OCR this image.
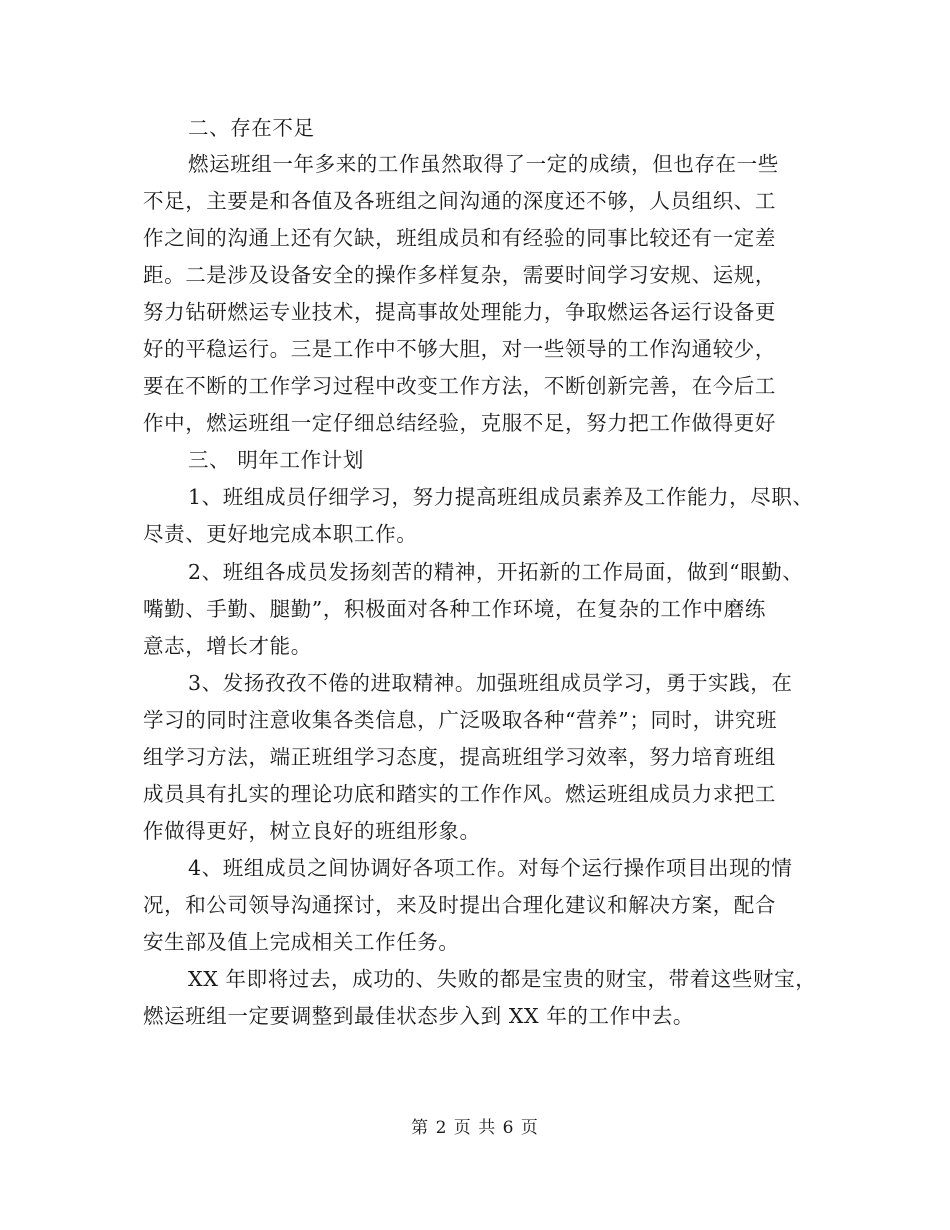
二、存在不足
燃运班组一年多来的工作虽然取得了一定的成绩，但也存在一些
不足，主要是和各值及各班组之间沟通的深度还不够，人员组织、工
作之间的沟通上还有欠缺，班组成员和有经验的同事比较还有一定差
距。二是涉及设备安全的操作多样复杂，需要时间学习安规、运规，
努力钻研燃运专业技术，提高事故处理能力，争取燃运各运行设备更
好的平稳运行。三是工作中不够大胆，对一些领导的工作沟通较少，
要在不断的工作学习过程中改变工作方法，不断创新完善，在今后工
作中，燃运班组一定仔细总结经验，克服不足，努力把工作做得更好
三、 明年工作计划
1、班组成员仔细学习，努力提高班组成员素养及工作能力，尽职、
尽责、更好地完成本职工作。
2、班组各成员发扬刻苦的精神，开拓新的工作局面，做到“眼勤、
嘴勤、手勤、腿勤”，积极面对各种工作环境，在复杂的工作中磨练
意志，增长才能。
3、发扬孜孜不倦的进取精神。加强班组成员学习，勇于实践，在
学习的同时注意收集各类信息，广泛吸取各种“营养”；同时，讲究班
组学习方法，端正班组学习态度，提高班组学习效率，努力培育班组
成员具有扎实的理论功底和踏实的工作作风。燃运班组成员力求把工
作做得更好，树立良好的班组形象。
4、班组成员之间协调好各项工作。对每个运行操作项目出现的情
况，和公司领导沟通探讨，来及时提出合理化建议和解决方案，配合
安生部及值上完成相关工作任务。
XX 年即将过去，成功的、失败的都是宝贵的财宝，带着这些财宝，
燃运班组一定要调整到最佳状态步入到 XX 年的工作中去。
第 2 页 共 6 页
